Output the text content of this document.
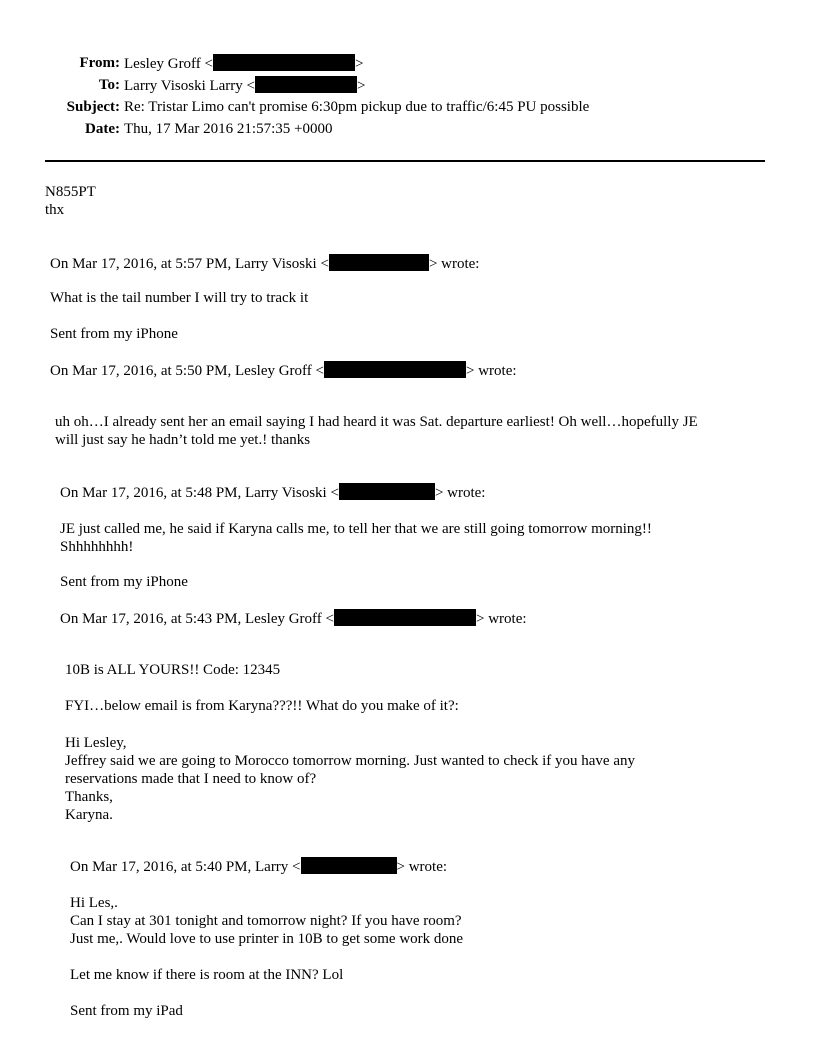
From: Lesley Groff <	>
To: Larry Visoski Larry <	>
Subject: Re: Tristar Limo can't promise 6:30pm pickup due to traffic/6:45 PU possible
Date: Thu, 17 Mar 2016 21:57:35 +0000
N855PT
thx
On Mar 17, 2016, at 5:57 PM, Larry Visoski <	> wrote:
What is the tail number I will try to track it
Sent from my iPhone
On Mar 17, 2016, at 5:50 PM, Lesley Groff <	> wrote:
uh oh…I already sent her an email saying I had heard it was Sat. departure earliest! Oh well…hopefully JE
will just say he hadn’t told me yet.! thanks
On Mar 17, 2016, at 5:48 PM, Larry Visoski <	> wrote:
JE just called me, he said if Karyna calls me, to tell her that we are still going tomorrow morning!!
Shhhhhhhh!
Sent from my iPhone
On Mar 17, 2016, at 5:43 PM, Lesley Groff <	> wrote:
10B is ALL YOURS!! Code: 12345
FYI…below email is from Karyna???!! What do you make of it?:
Hi Lesley,
Jeffrey said we are going to Morocco tomorrow morning. Just wanted to check if you have any
reservations made that I need to know of?
Thanks,
Karyna.
On Mar 17, 2016, at 5:40 PM, Larry <	> wrote:
Hi Les,.
Can I stay at 301 tonight and tomorrow night? If you have room?
Just me,. Would love to use printer in 10B to get some work done
Let me know if there is room at the INN? Lol
Sent from my iPad
